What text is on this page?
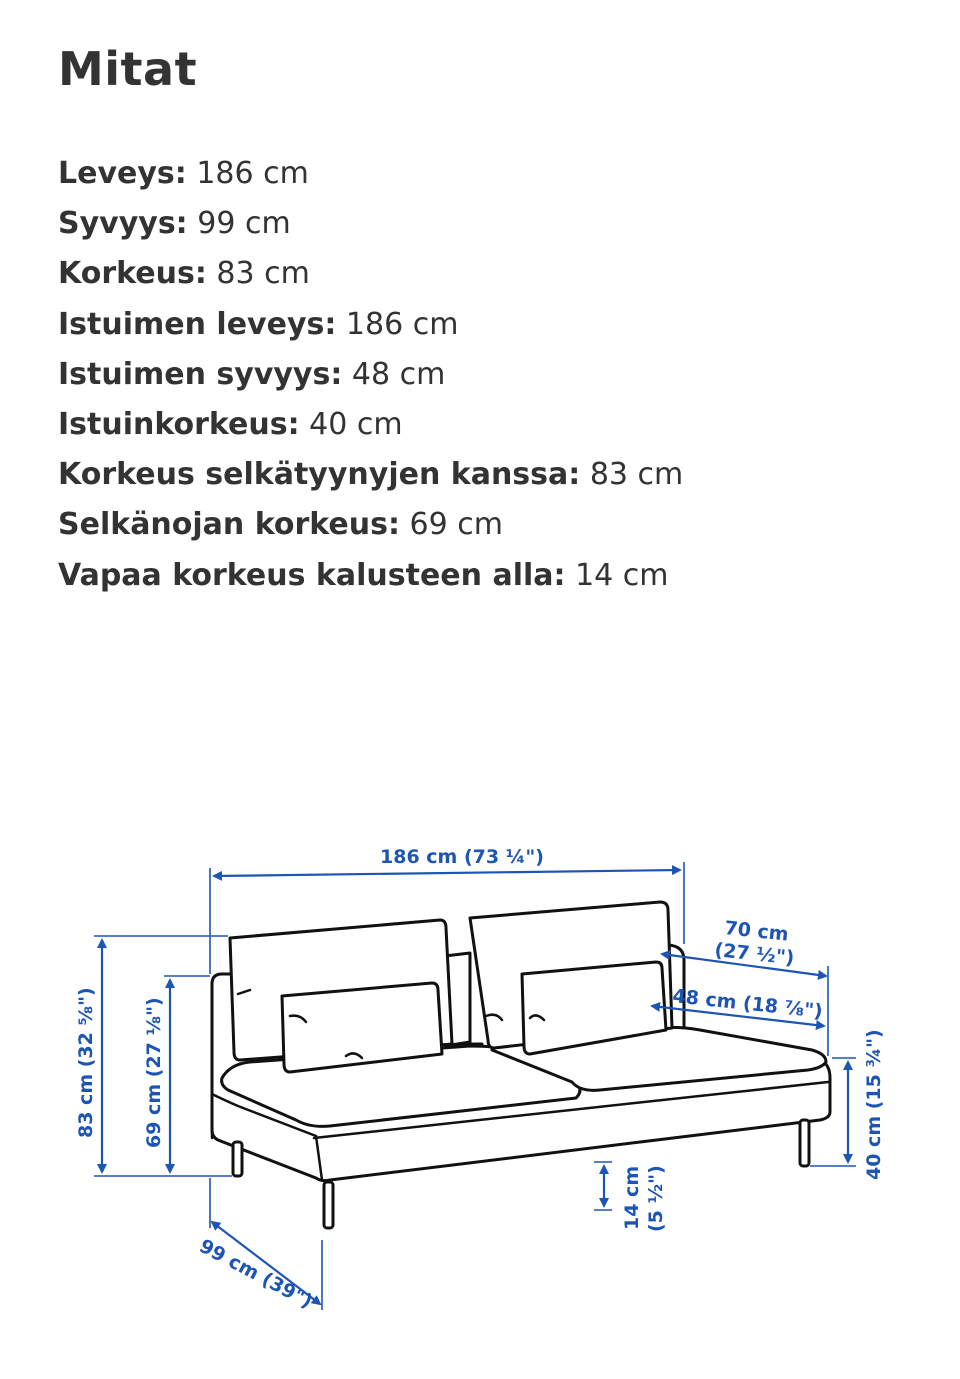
Mitat
Leveys: 186 cm
Syvyys: 99 cm
Korkeus: 83 cm
Istuimen leveys: 186 cm
Istuimen syvyys: 48 cm
Istuinkorkeus: 40 cm
Korkeus selkätyynyjen kanssa: 83 cm
Selkänojan korkeus: 69 cm
Vapaa korkeus kalusteen alla: 14 cm
186 cm (73 ¼")
70 cm
(27 ½")
48 cm (18 ⅞")
83 cm (32 ⅝") 69 cm (27 ⅛")	40 cm (15 ¾")
14 cm (5 ½")
99 cm (39")
